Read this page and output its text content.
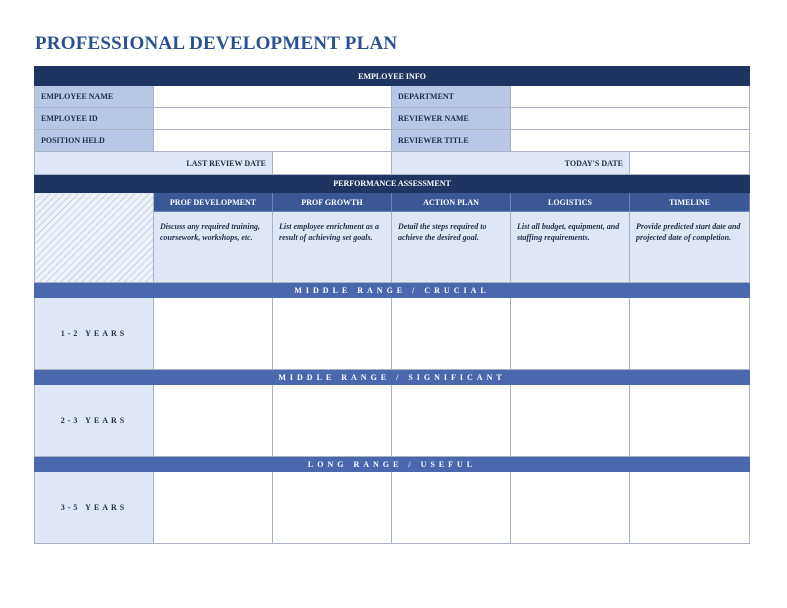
PROFESSIONAL DEVELOPMENT PLAN
EMPLOYEE INFO					
EMPLOYEE NAME			DEPARTMENT		
EMPLOYEE ID			REVIEWER NAME		
POSITION HELD			REVIEWER TITLE		
LAST REVIEW DATE			TODAY'S DATE		
PERFORMANCE ASSESSMENT					
	PROF DEVELOPMENT	PROF GROWTH	ACTION PLAN	LOGISTICS	TIMELINE
	Discuss any required training, coursework, workshops, etc.	List employee enrichment as a result of achieving set goals.	Detail the steps required to achieve the desired goal.	List all budget, equipment, and staffing requirements.	Provide predicted start date and projected date of completion.
MIDDLE RANGE / CRUCIAL					
1-2 YEARS					
MIDDLE RANGE / SIGNIFICANT					
2-3 YEARS					
LONG RANGE / USEFUL					
3-5 YEARS					
